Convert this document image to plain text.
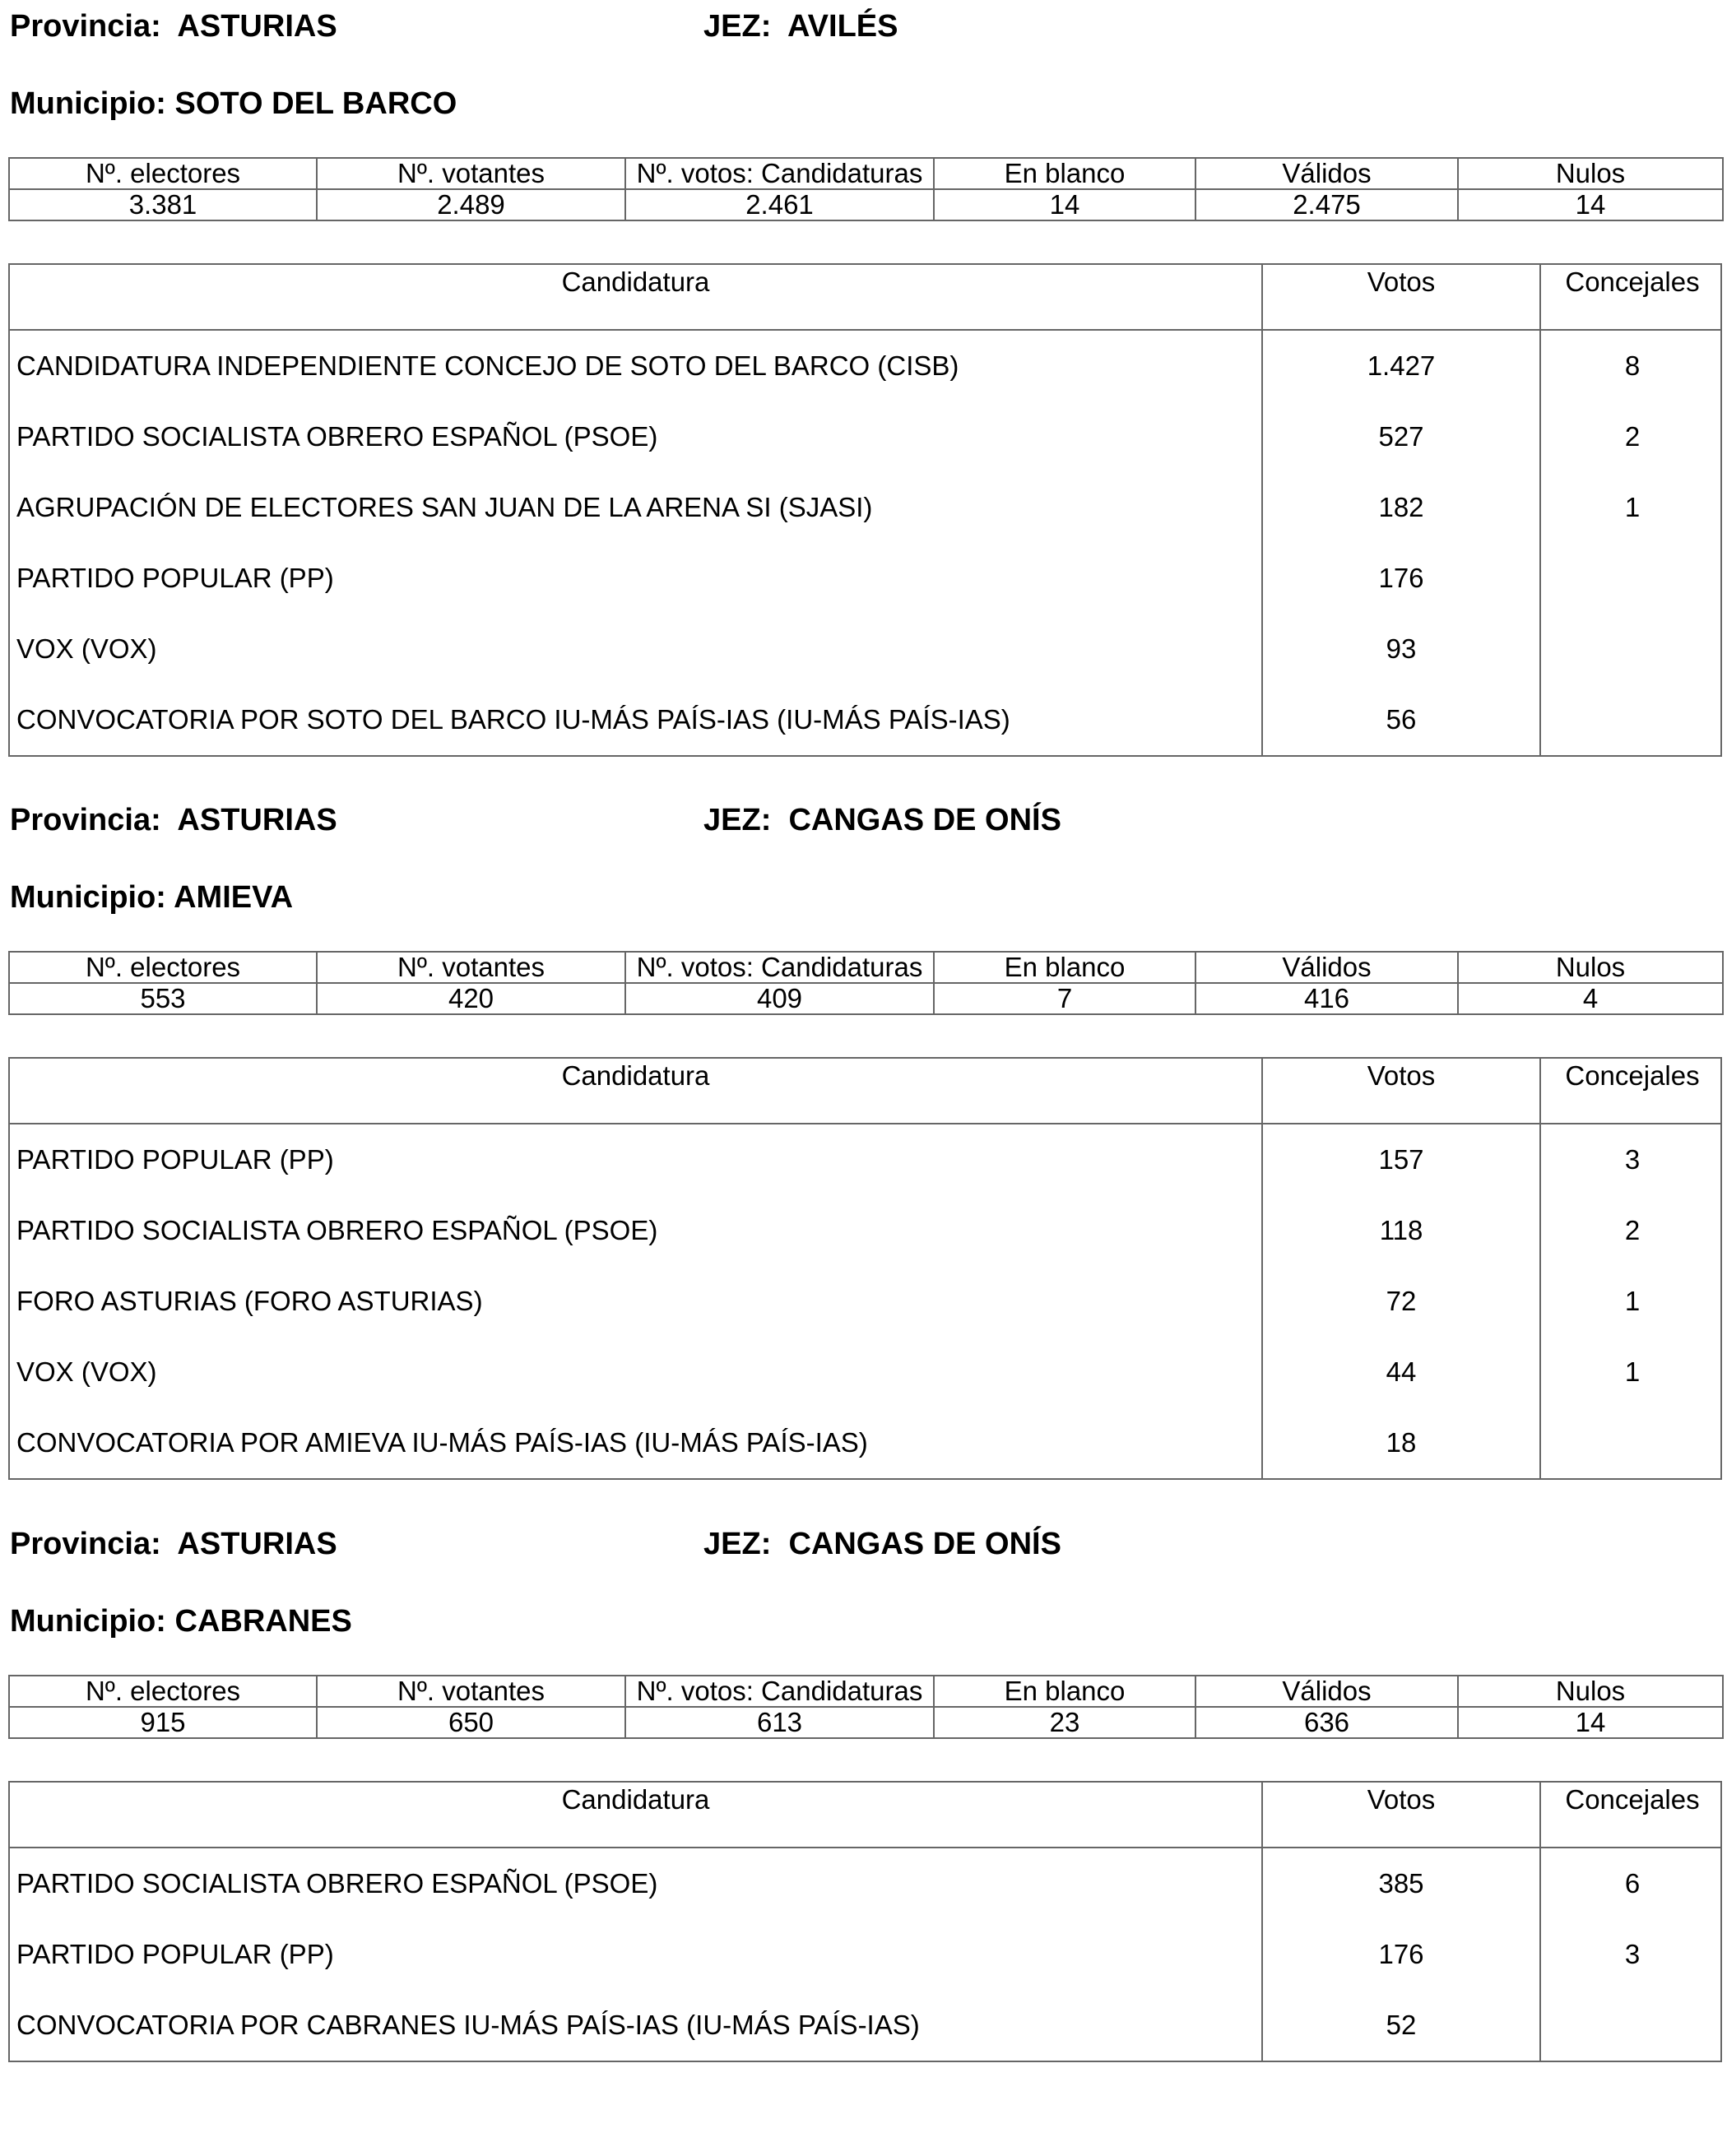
Provincia:  ASTURIAS	JEZ:  AVILÉS
Municipio: SOTO DEL BARCO
Nº. electores	Nº. votantes	Nº. votos: Candidaturas	En blanco	Válidos	Nulos
3.381	2.489	2.461	14	2.475	14
Candidatura	Votos	Concejales
CANDIDATURA INDEPENDIENTE CONCEJO DE SOTO DEL BARCO (CISB)	1.427	8
PARTIDO SOCIALISTA OBRERO ESPAÑOL (PSOE)	527	2
AGRUPACIÓN DE ELECTORES SAN JUAN DE LA ARENA SI (SJASI)	182	1
PARTIDO POPULAR (PP)	176
VOX (VOX)	93
CONVOCATORIA POR SOTO DEL BARCO IU-MÁS PAÍS-IAS (IU-MÁS PAÍS-IAS)	56
Provincia:  ASTURIAS	JEZ:  CANGAS DE ONÍS
Municipio: AMIEVA
Nº. electores	Nº. votantes	Nº. votos: Candidaturas	En blanco	Válidos	Nulos
553	420	409	7	416	4
Candidatura	Votos	Concejales
PARTIDO POPULAR (PP)	157	3
PARTIDO SOCIALISTA OBRERO ESPAÑOL (PSOE)	118	2
FORO ASTURIAS (FORO ASTURIAS)	72	1
VOX (VOX)	44	1
CONVOCATORIA POR AMIEVA IU-MÁS PAÍS-IAS (IU-MÁS PAÍS-IAS)	18
Provincia:  ASTURIAS	JEZ:  CANGAS DE ONÍS
Municipio: CABRANES
Nº. electores	Nº. votantes	Nº. votos: Candidaturas	En blanco	Válidos	Nulos
915	650	613	23	636	14
Candidatura	Votos	Concejales
PARTIDO SOCIALISTA OBRERO ESPAÑOL (PSOE)	385	6
PARTIDO POPULAR (PP)	176	3
CONVOCATORIA POR CABRANES IU-MÁS PAÍS-IAS (IU-MÁS PAÍS-IAS)	52
